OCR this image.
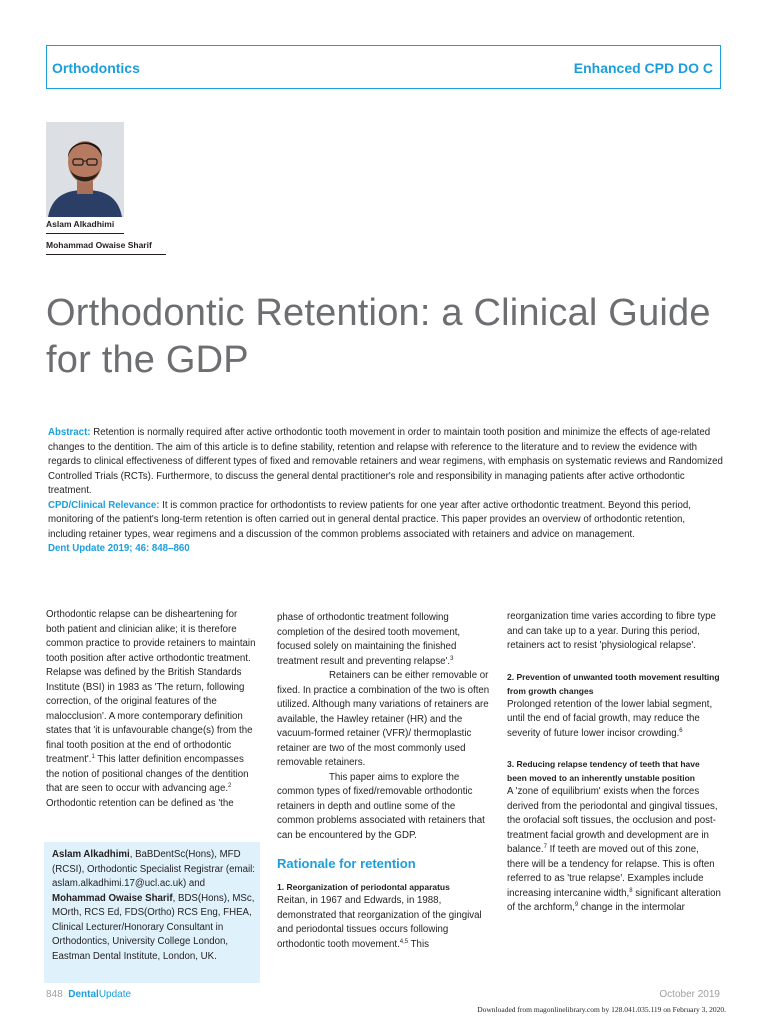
Orthodontics	Enhanced CPD DO C
Aslam Alkadhimi
Mohammad Owaise Sharif
Orthodontic Retention: a Clinical Guide for the GDP

Abstract: Retention is normally required after active orthodontic tooth movement in order to maintain tooth position and minimize the effects of age-related changes to the dentition. The aim of this article is to define stability, retention and relapse with reference to the literature and to review the evidence with regards to clinical effectiveness of different types of fixed and removable retainers and wear regimens, with emphasis on systematic reviews and Randomized Controlled Trials (RCTs). Furthermore, to discuss the general dental practitioner's role and responsibility in managing patients after active orthodontic treatment.

CPD/Clinical Relevance: It is common practice for orthodontists to review patients for one year after active orthodontic treatment. Beyond this period, monitoring of the patient's long-term retention is often carried out in general dental practice. This paper provides an overview of orthodontic retention, including retainer types, wear regimens and a discussion of the common problems associated with retainers and advice on management.

Dent Update 2019; 46: 848–860

Orthodontic relapse can be disheartening for both patient and clinician alike; it is therefore common practice to provide retainers to maintain tooth position after active orthodontic treatment. Relapse was defined by the British Standards Institute (BSI) in 1983 as 'The return, following correction, of the original features of the malocclusion'. A more contemporary definition states that 'it is unfavourable change(s) from the final tooth position at the end of orthodontic treatment'.$^1$ This latter definition encompasses the notion of positional changes of the dentition that are seen to occur with advancing age.$^2$ Orthodontic retention can be defined as 'the

Aslam Alkadhimi, BaBDentSc(Hons), MFD (RCSI), Orthodontic Specialist Registrar (email: aslam.alkadhimi.17@ucl.ac.uk) and Mohammad Owaise Sharif, BDS(Hons), MSc, MOrth, RCS Ed, FDS(Ortho) RCS Eng, FHEA, Clinical Lecturer/Honorary Consultant in Orthodontics, University College London, Eastman Dental Institute, London, UK.

phase of orthodontic treatment following completion of the desired tooth movement, focused solely on maintaining the finished treatment result and preventing relapse'.$^3$

Retainers can be either removable or fixed. In practice a combination of the two is often utilized. Although many variations of retainers are available, the Hawley retainer (HR) and the vacuum-formed retainer (VFR)/ thermoplastic retainer are two of the most commonly used removable retainers.

This paper aims to explore the common types of fixed/removable orthodontic retainers in depth and outline some of the common problems associated with retainers that can be encountered by the GDP.

Rationale for retention

1. Reorganization of periodontal apparatus

Reitan, in 1967 and Edwards, in 1988, demonstrated that reorganization of the gingival and periodontal tissues occurs following orthodontic tooth movement.$^{4,5}$ This

reorganization time varies according to fibre type and can take up to a year. During this period, retainers act to resist 'physiological relapse'.

2. Prevention of unwanted tooth movement resulting from growth changes

Prolonged retention of the lower labial segment, until the end of facial growth, may reduce the severity of future lower incisor crowding.$^6$

3. Reducing relapse tendency of teeth that have been moved to an inherently unstable position

A 'zone of equilibrium' exists when the forces derived from the periodontal and gingival tissues, the orofacial soft tissues, the occlusion and post-treatment facial growth and development are in balance.$^7$ If teeth are moved out of this zone, there will be a tendency for relapse. This is often referred to as 'true relapse'. Examples include increasing intercanine width,$^8$ significant alteration of the archform,$^9$ change in the intermolar

848 DentalUpdate	October 2019
Downloaded from magonlinelibrary.com by 128.041.035.119 on February 3, 2020.
